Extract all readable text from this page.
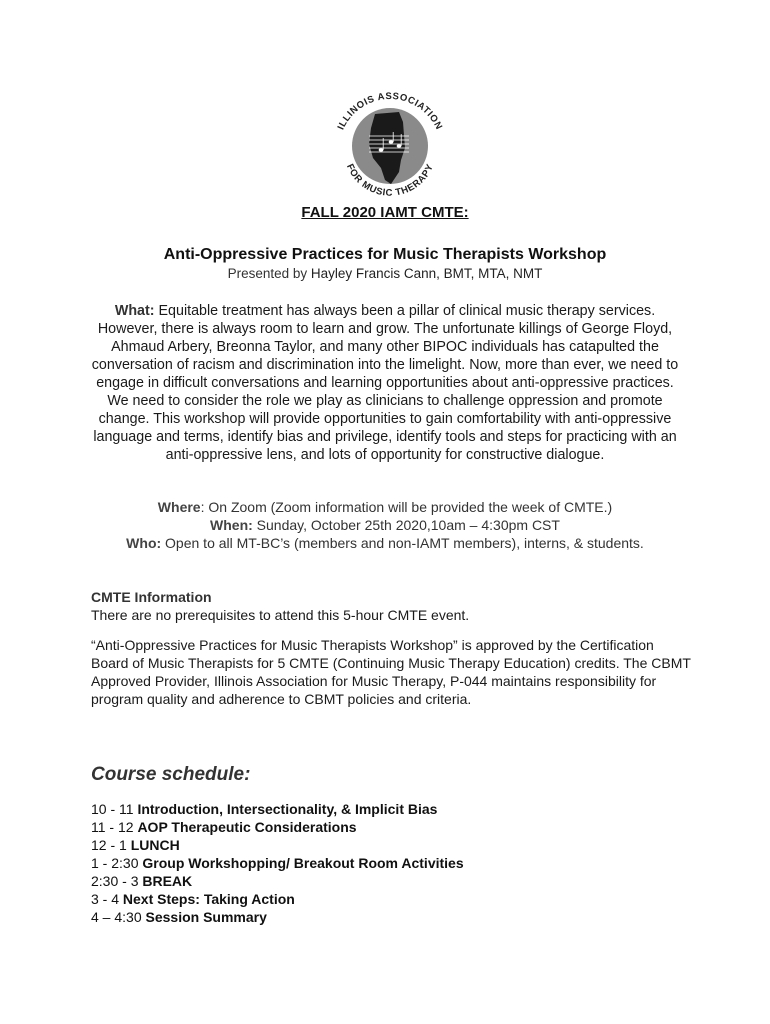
ILLINOIS ASSOCIATION
FOR MUSIC THERAPY
FALL 2020 IAMT CMTE:
Anti-Oppressive Practices for Music Therapists Workshop
Presented by Hayley Francis Cann, BMT, MTA, NMT
What: Equitable treatment has always been a pillar of clinical music therapy services. However, there is always room to learn and grow. The unfortunate killings of George Floyd, Ahmaud Arbery, Breonna Taylor, and many other BIPOC individuals has catapulted the conversation of racism and discrimination into the limelight. Now, more than ever, we need to engage in difficult conversations and learning opportunities about anti-oppressive practices. We need to consider the role we play as clinicians to challenge oppression and promote change. This workshop will provide opportunities to gain comfortability with anti-oppressive language and terms, identify bias and privilege, identify tools and steps for practicing with an anti-oppressive lens, and lots of opportunity for constructive dialogue.
Where: On Zoom (Zoom information will be provided the week of CMTE.)
When: Sunday, October 25th 2020,10am – 4:30pm CST
Who: Open to all MT-BC’s (members and non-IAMT members), interns, & students.

CMTE Information

There are no prerequisites to attend this 5-hour CMTE event.

“Anti-Oppressive Practices for Music Therapists Workshop” is approved by the Certification Board of Music Therapists for 5 CMTE (Continuing Music Therapy Education) credits. The CBMT Approved Provider, Illinois Association for Music Therapy, P-044 maintains responsibility for program quality and adherence to CBMT policies and criteria.

Course schedule:
10 - 11 Introduction, Intersectionality, & Implicit Bias
11 - 12 AOP Therapeutic Considerations
12 - 1 LUNCH
1 - 2:30 Group Workshopping/ Breakout Room Activities
2:30 - 3 BREAK
3 - 4 Next Steps: Taking Action
4 – 4:30 Session Summary
